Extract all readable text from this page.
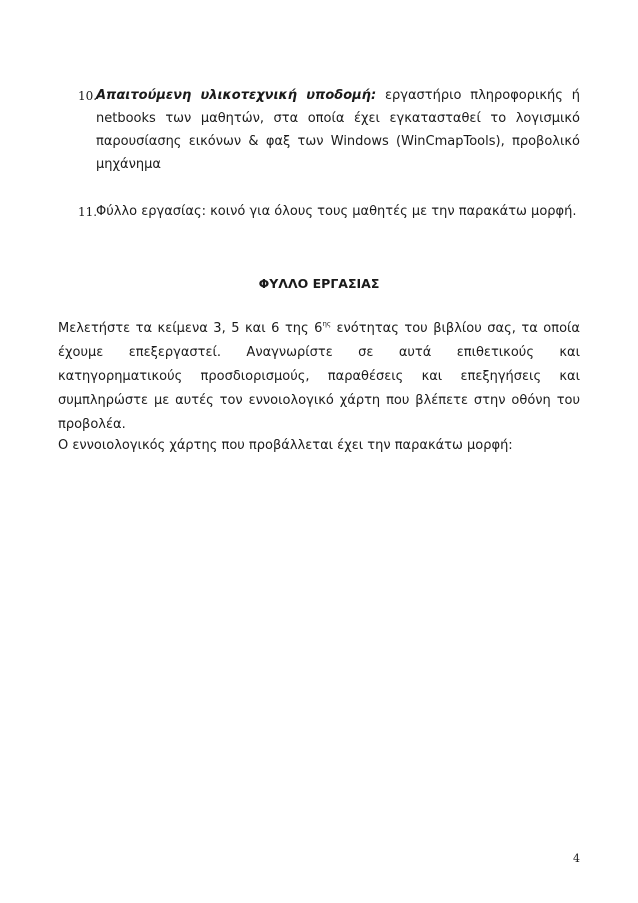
10.
Απαιτούμενη υλικοτεχνική υποδομή: εργαστήριο πληροφορικής ή netbooks των μαθητών, στα οποία έχει εγκατασταθεί το λογισμικό παρουσίασης εικόνων & φαξ των Windows (WinCmapTools), προβολικό μηχάνημα
11.
Φύλλο εργασίας: κοινό για όλους τους μαθητές με την παρακάτω μορφή.
ΦΥΛΛΟ ΕΡΓΑΣΙΑΣ
Μελετήστε τα κείμενα 3, 5 και 6 της $6^{\eta\varsigma}$ ενότητας του βιβλίου σας, τα οποία έχουμε επεξεργαστεί. Αναγνωρίστε σε αυτά επιθετικούς και κατηγορηματικούς προσδιορισμούς, παραθέσεις και επεξηγήσεις και συμπληρώστε με αυτές τον εννοιολογικό χάρτη που βλέπετε στην οθόνη του προβολέα.
Ο εννοιολογικός χάρτης που προβάλλεται έχει την παρακάτω μορφή:
4
